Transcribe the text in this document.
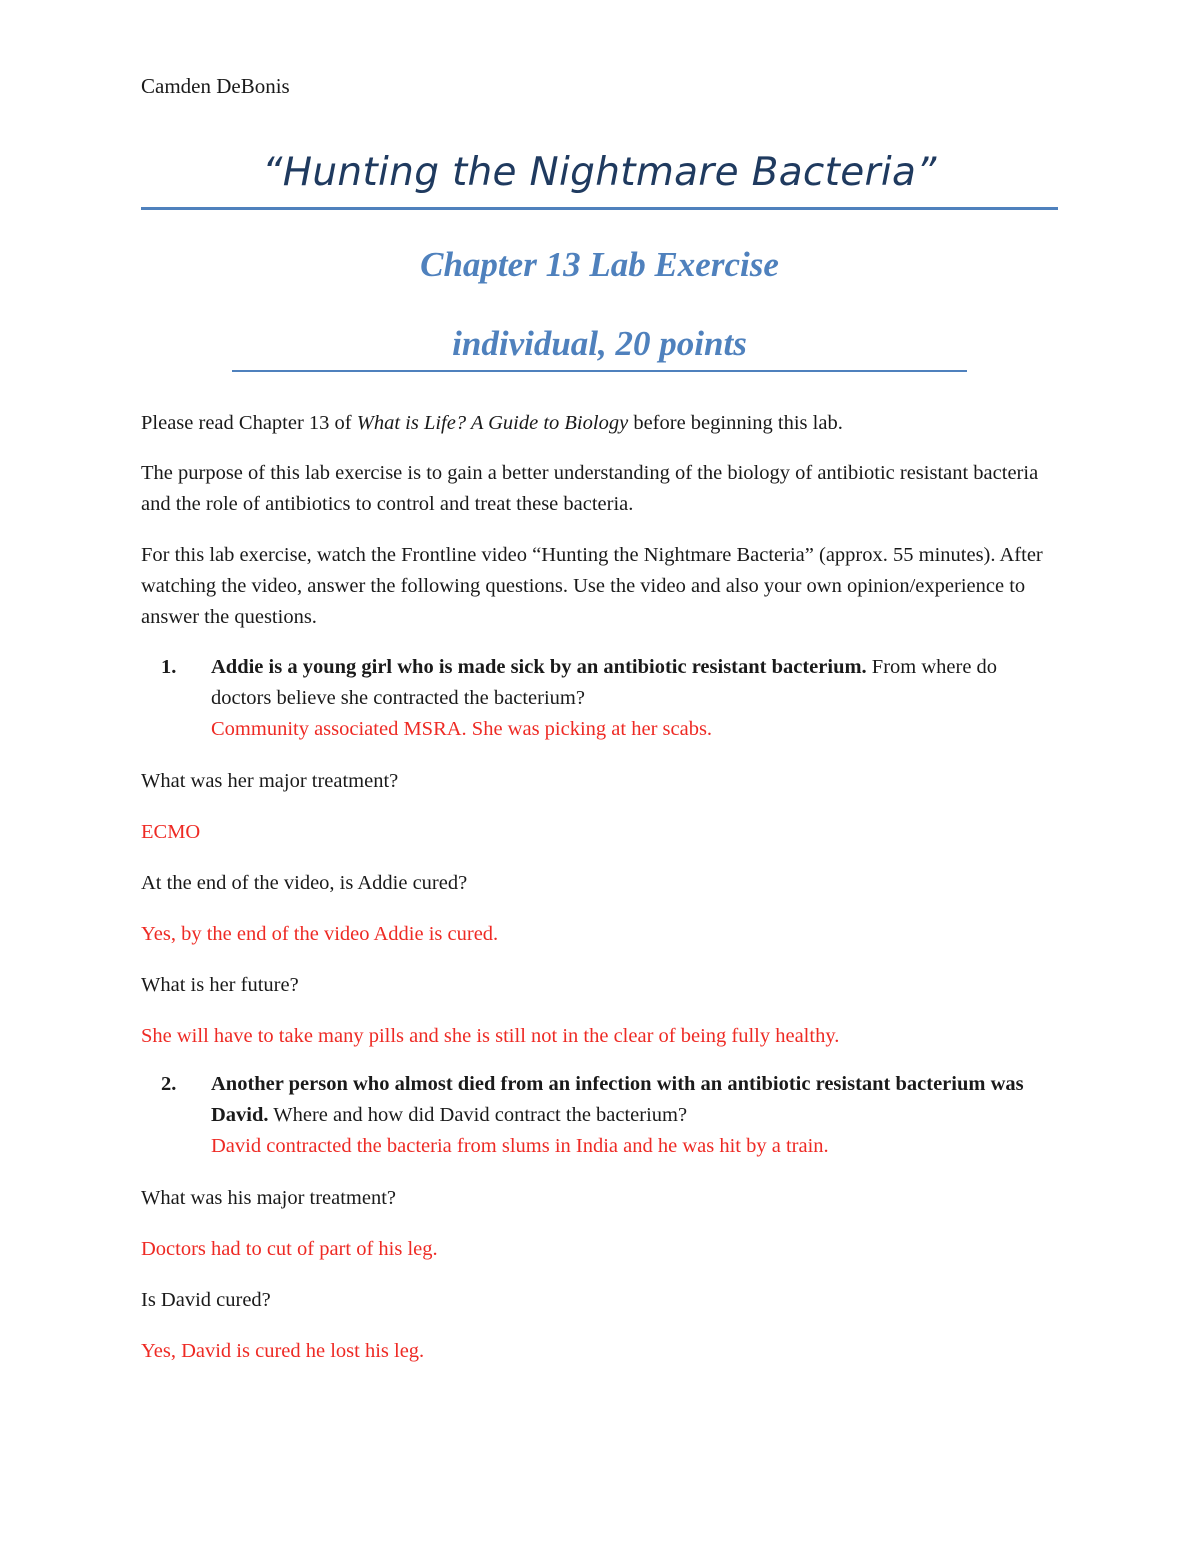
Camden DeBonis
“Hunting the Nightmare Bacteria”
Chapter 13 Lab Exercise
individual, 20 points
Please read Chapter 13 of What is Life? A Guide to Biology before beginning this lab.
The purpose of this lab exercise is to gain a better understanding of the biology of antibiotic resistant bacteria and the role of antibiotics to control and treat these bacteria.
For this lab exercise, watch the Frontline video “Hunting the Nightmare Bacteria” (approx. 55 minutes). After watching the video, answer the following questions. Use the video and also your own opinion/experience to answer the questions.
1. Addie is a young girl who is made sick by an antibiotic resistant bacterium. From where do doctors believe she contracted the bacterium?
Community associated MSRA. She was picking at her scabs.
What was her major treatment?
ECMO
At the end of the video, is Addie cured?
Yes, by the end of the video Addie is cured.
What is her future?
She will have to take many pills and she is still not in the clear of being fully healthy.
2. Another person who almost died from an infection with an antibiotic resistant bacterium was David. Where and how did David contract the bacterium?
David contracted the bacteria from slums in India and he was hit by a train.
What was his major treatment?
Doctors had to cut of part of his leg.
Is David cured?
Yes, David is cured he lost his leg.
